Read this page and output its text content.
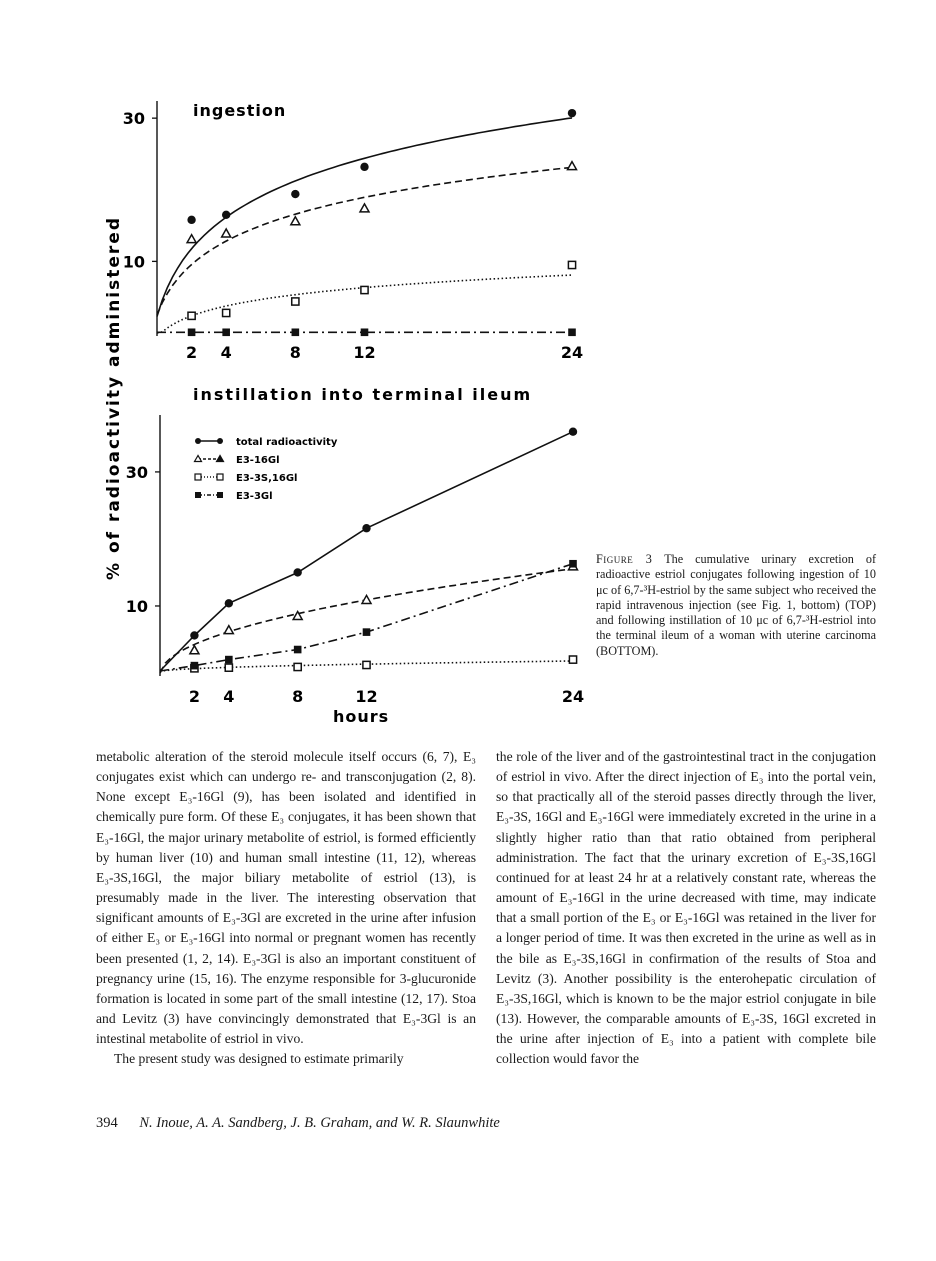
% of radioactivity administered
ingestion
10
30
2 4	8	12	24
instillation into terminal ileum
total radioactivity
E3-16Gl
E3-3S,16Gl
E3-3Gl
10
30
2 4	8	12	24
hours
Figure 3 The cumulative urinary excretion of radioactive estriol conjugates following ingestion of 10 μc of 6,7-³H-estriol by the same subject who received the rapid intravenous injection (see Fig. 1, bottom) (TOP) and following instillation of 10 μc of 6,7-³H-estriol into the terminal ileum of a woman with uterine carcinoma (BOTTOM).

metabolic alteration of the steroid molecule itself occurs (6, 7), E₃ conjugates exist which can undergo re- and transconjugation (2, 8). None except E₃-16Gl (9), has been isolated and identified in chemically pure form. Of these E₃ conjugates, it has been shown that E₃-16Gl, the major urinary metabolite of estriol, is formed efficiently by human liver (10) and human small intestine (11, 12), whereas E₃-3S,16Gl, the major biliary metabolite of estriol (13), is presumably made in the liver. The interesting observation that significant amounts of E₃-3Gl are excreted in the urine after infusion of either E₃ or E₃-16Gl into normal or pregnant women has recently been presented (1, 2, 14). E₃-3Gl is also an important constituent of pregnancy urine (15, 16). The enzyme responsible for 3-glucuronide formation is located in some part of the small intestine (12, 17). Stoa and Levitz (3) have convincingly demonstrated that E₃-3Gl is an intestinal metabolite of estriol in vivo.

The present study was designed to estimate primarily

the role of the liver and of the gastrointestinal tract in the conjugation of estriol in vivo. After the direct injection of E₃ into the portal vein, so that practically all of the steroid passes directly through the liver, E₃-3S, 16Gl and E₃-16Gl were immediately excreted in the urine in a slightly higher ratio than that ratio obtained from peripheral administration. The fact that the urinary excretion of E₃-3S,16Gl continued for at least 24 hr at a relatively constant rate, whereas the amount of E₃-16Gl in the urine decreased with time, may indicate that a small portion of the E₃ or E₃-16Gl was retained in the liver for a longer period of time. It was then excreted in the urine as well as in the bile as E₃-3S,16Gl in confirmation of the results of Stoa and Levitz (3). Another possibility is the enterohepatic circulation of E₃-3S,16Gl, which is known to be the major estriol conjugate in bile (13). However, the comparable amounts of E₃-3S, 16Gl excreted in the urine after injection of E₃ into a patient with complete bile collection would favor the

394 N. Inoue, A. A. Sandberg, J. B. Graham, and W. R. Slaunwhite
